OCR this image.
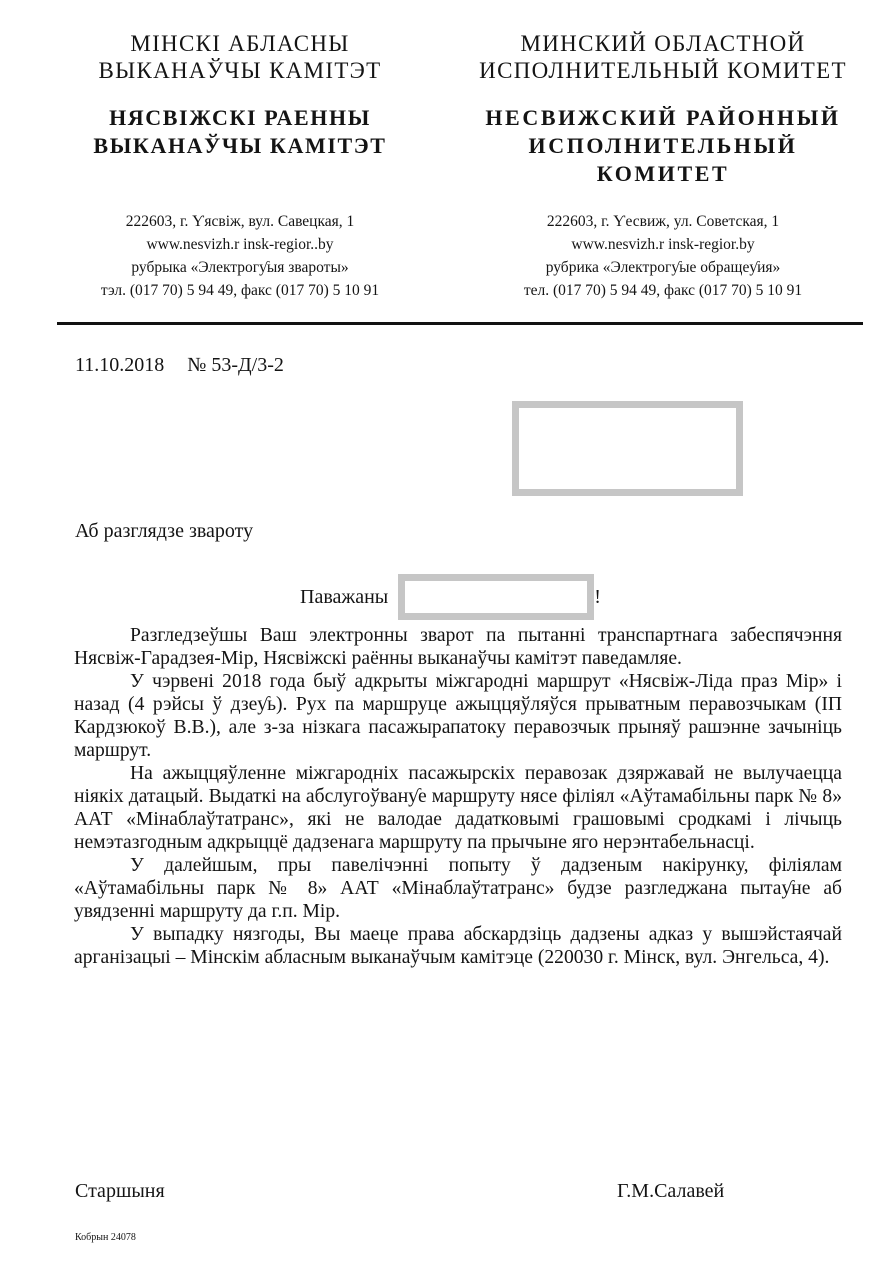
МІНСКІ АБЛАСНЫ
ВЫКАНАЎЧЫ КАМІТЭТ
НЯСВІЖСКІ РАЕННЫ
ВЫКАНАЎЧЫ КАМІТЭТ
МИНСКИЙ ОБЛАСТНОЙ
ИСПОЛНИТЕЛЬНЫЙ КОМИТЕТ
НЕСВИЖСКИЙ РАЙОННЫЙ
ИСПОЛНИТЕЛЬНЫЙ
КОМИТЕТ
222603, г. Ƴясвіж, вул. Савецкая, 1
www.nesvizh.r insk-regior..by
рубрыка «Электрогƴыя звароты»
тэл. (017 70) 5 94 49, факс (017 70) 5 10 91
222603, г. Ƴесвиж, ул. Советская, 1
www.nesvizh.r insk-regior.by
рубрика «Электрогƴые обращеƴия»
тел. (017 70) 5 94 49, факс (017 70) 5 10 91
11.10.2018 № 53-Д/3-2
Аб разглядзе звароту
Паважаны	!

Разгледзеўшы Ваш электронны зварот па пытанні транспартнага забеспячэння Нясвіж-Гарадзея-Мір, Нясвіжскі раённы выканаўчы камітэт паведамляе.

У чэрвені 2018 года быў адкрыты міжгародні маршрут «Нясвіж-Ліда праз Мір» і назад (4 рэйсы ў дзеƴь). Рух па маршруце ажыццяўляўся прыватным перавозчыкам (ІП Кардзюкоў В.В.), але з-за нізкага пасажырапатоку перавозчык прыняў рашэнне зачыніць маршрут.

На ажыццяўленне міжгародніх пасажырскіх перавозак дзяржавай не вылучаецца ніякіх датацый. Выдаткі на абслугоўванƴе маршруту нясе філіял «Аўтамабільны парк № 8» ААТ «Мінаблаўтатранс», які не валодае дадатковымі грашовымі сродкамі і лічыць немэтазгодным адкрыццё дадзенага маршруту па прычыне яго нерэнтабельнасці.

У далейшым, пры павелічэнні попыту ў дадзеным накірунку, філіялам «Аўтамабільны парк № 8» ААТ «Мінаблаўтатранс» будзе разгледжана пытаƴне аб увядзенні маршруту да г.п. Мір.

У выпадку нязгоды, Вы маеце права абскардзіць дадзены адказ у вышэйстаячай арганізацыі – Мінскім абласным выканаўчым камітэце (220030 г. Мінск, вул. Энгельса, 4).

Старшыня	Г.М.Салавей
Кобрын 24078
